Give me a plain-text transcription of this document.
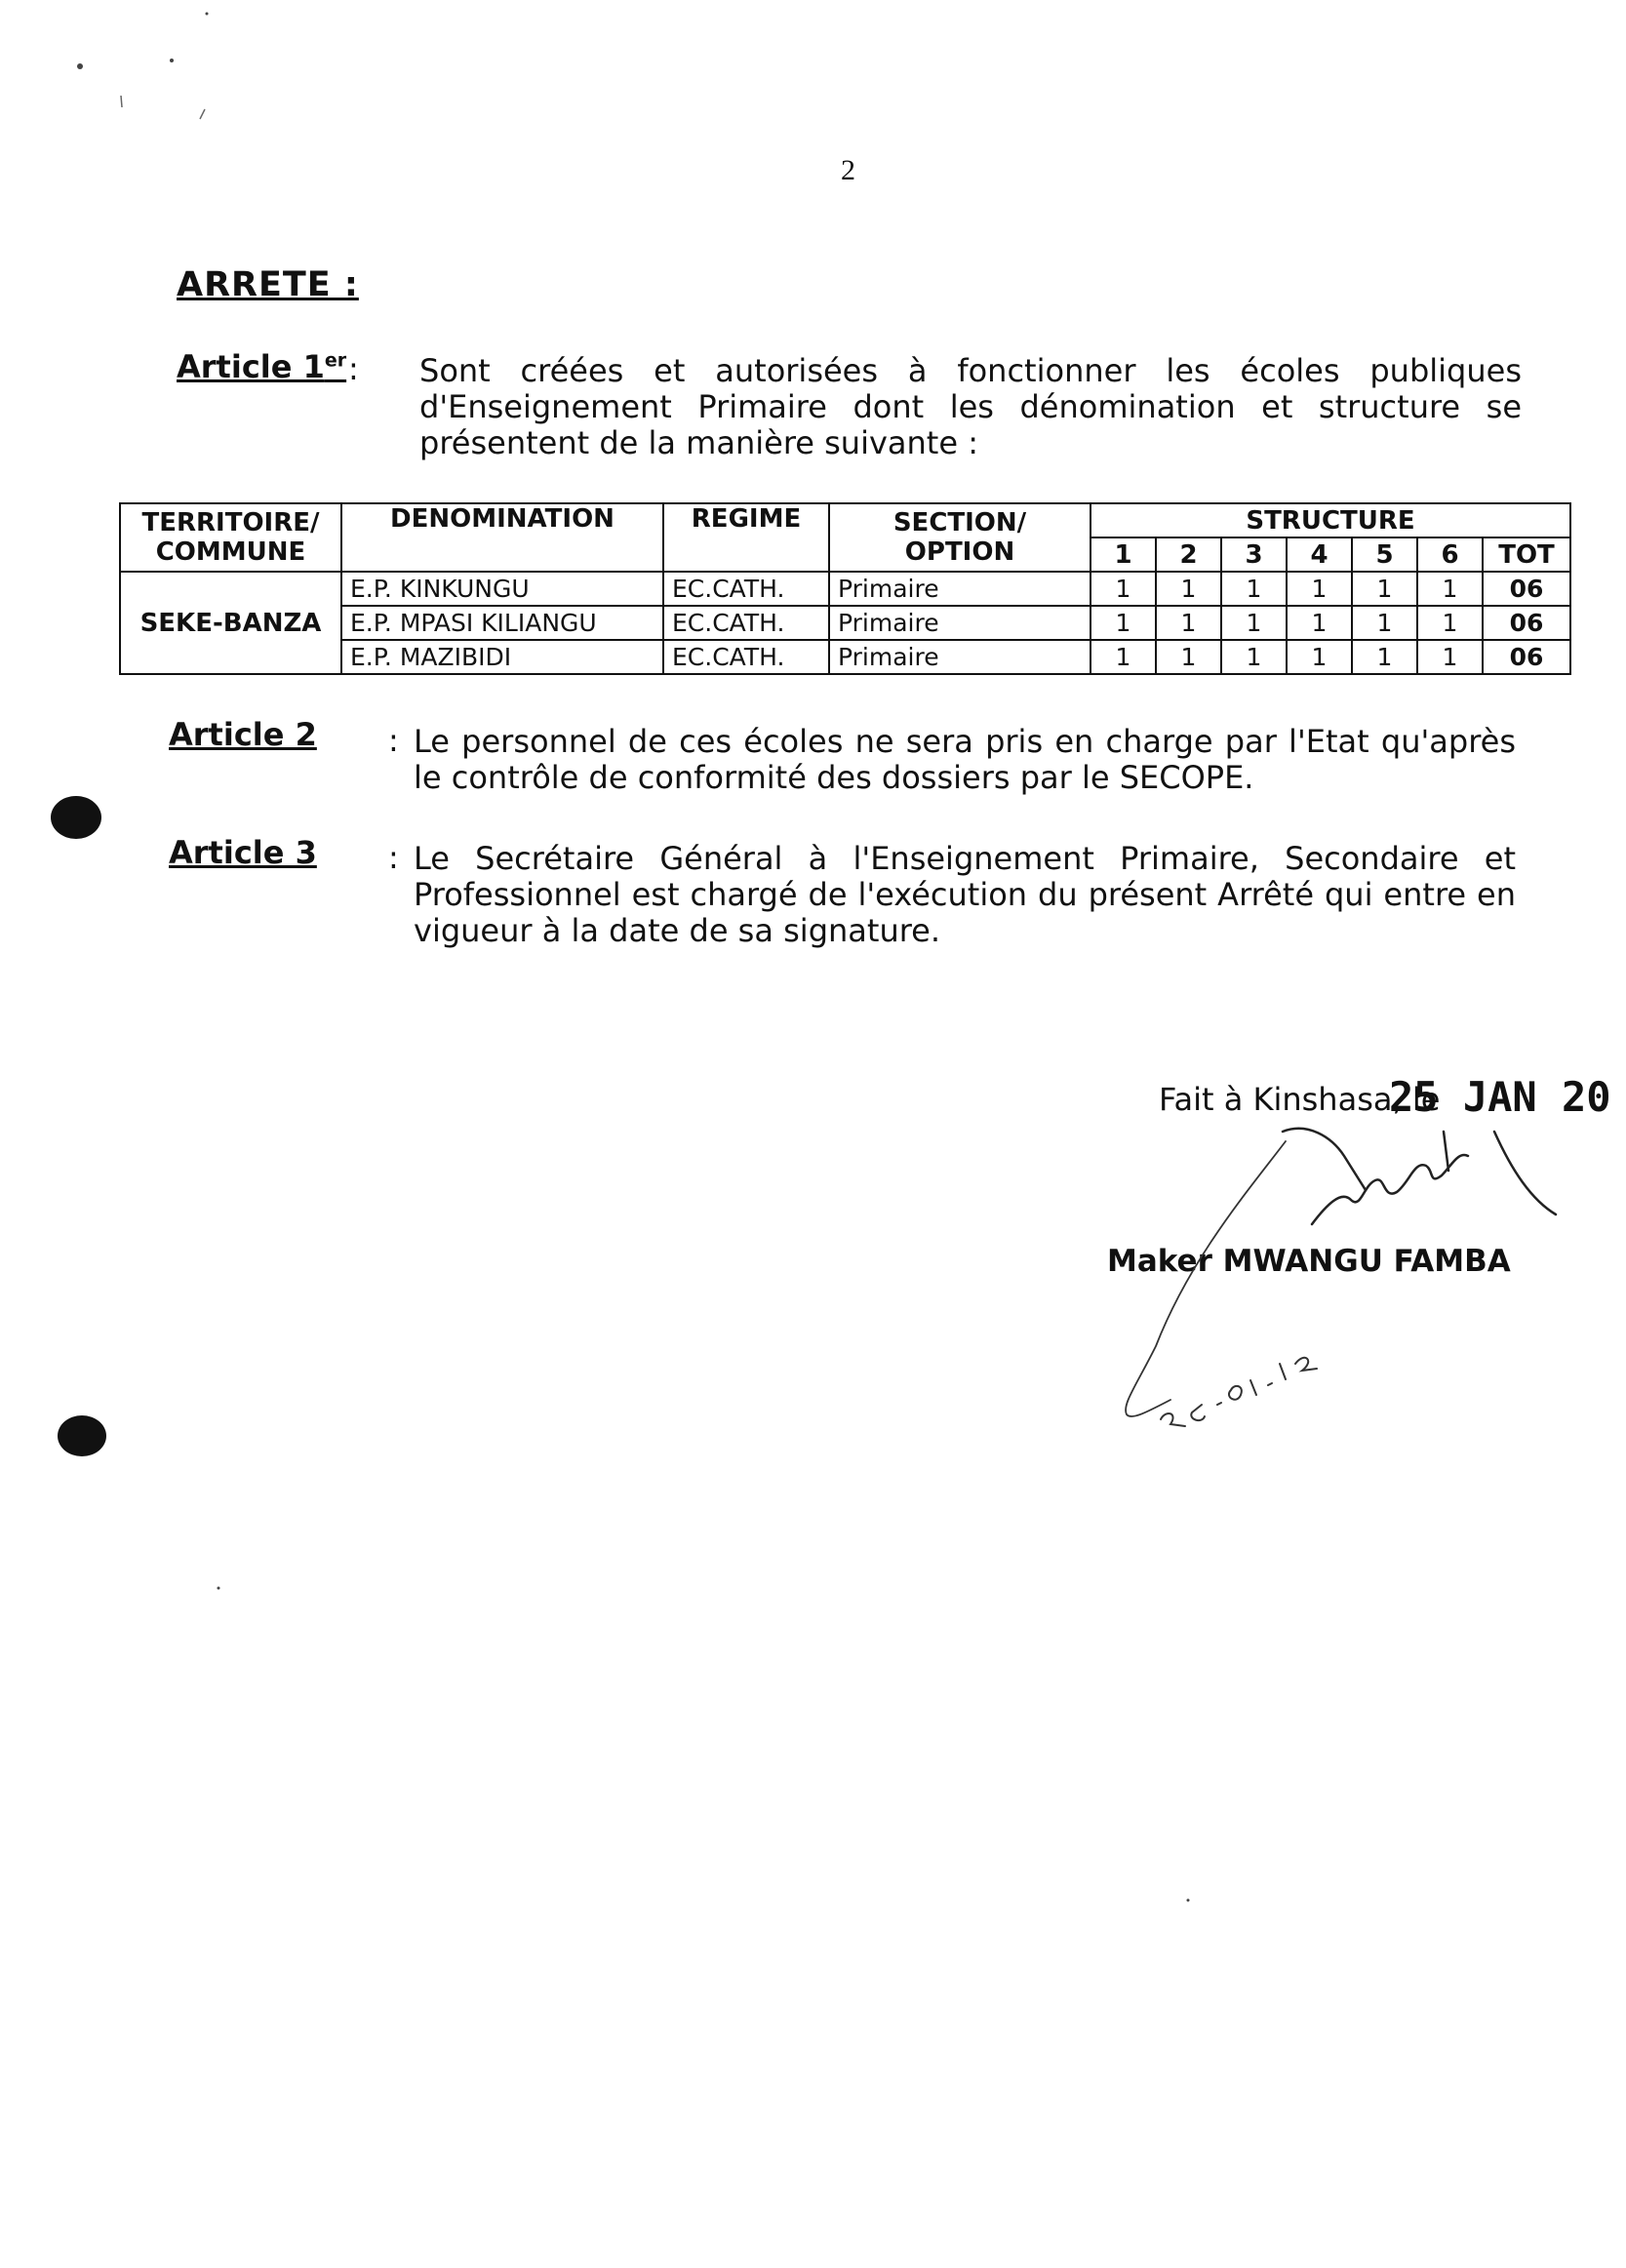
2
ARRETE :
Article 1er : Sont créées et autorisées à fonctionner les écoles publiques d'Enseignement Primaire dont les dénomination et structure se présentent de la manière suivante :
TERRITOIRE/ COMMUNE	DENOMINATION	REGIME	SECTION/ OPTION	STRUCTURE						
				1	2	3	4	5	6	TOT
SEKE-BANZA	E.P. KINKUNGU	EC.CATH.	Primaire	1	1	1	1	1	1	06
	E.P. MPASI KILIANGU	EC.CATH.	Primaire	1	1	1	1	1	1	06
	E.P. MAZIBIDI	EC.CATH.	Primaire	1	1	1	1	1	1	06
Article 2 : Le personnel de ces écoles ne sera pris en charge par l'Etat qu'après le contrôle de conformité des dossiers par le SECOPE.
Article 3 : Le Secrétaire Général à l'Enseignement Primaire, Secondaire et Professionnel est chargé de l'exécution du présent Arrêté qui entre en vigueur à la date de sa signature.
Fait à Kinshasa, le
25 JAN 20
Maker MWANGU FAMBA
